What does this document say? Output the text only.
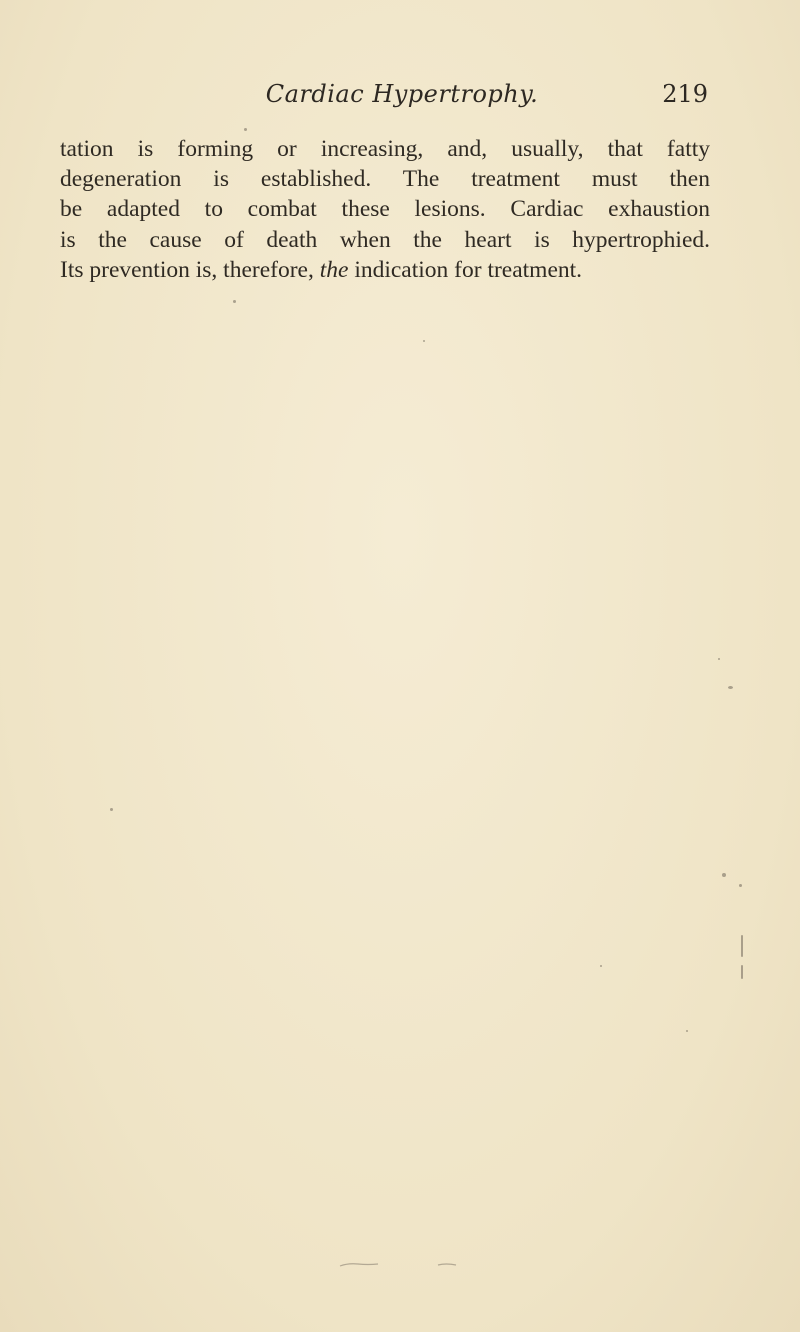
Cardiac Hypertrophy.	219
tation is forming or increasing, and, usually, that fatty
degeneration is established. The treatment must then
be adapted to combat these lesions. Cardiac exhaustion
is the cause of death when the heart is hypertrophied.
Its prevention is, therefore, the indication for treatment.
